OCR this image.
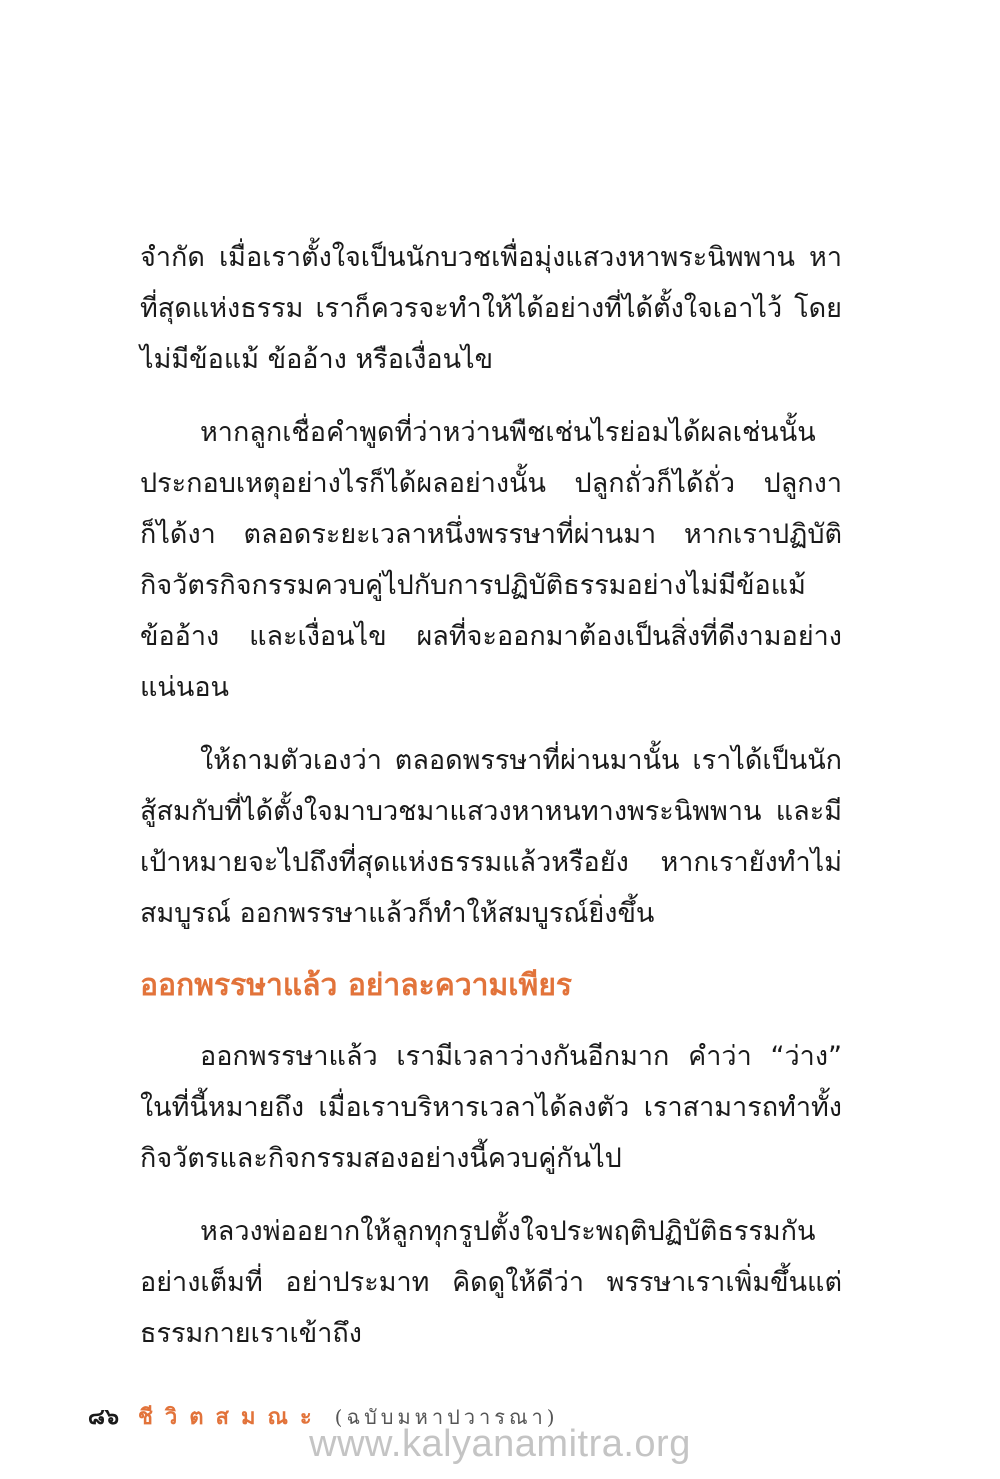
จำกัด เมื่อเราตั้งใจเป็นนักบวชเพื่อมุ่งแสวงหาพระนิพพาน หาที่สุดแห่งธรรม เราก็ควรจะทำให้ได้อย่างที่ได้ตั้งใจเอาไว้ โดยไม่มีข้อแม้ ข้ออ้าง หรือเงื่อนไข

หากลูกเชื่อคำพูดที่ว่าหว่านพืชเช่นไรย่อมได้ผลเช่นนั้น ประกอบเหตุอย่างไรก็ได้ผลอย่างนั้น ปลูกถั่วก็ได้ถั่ว ปลูกงาก็ได้งา ตลอดระยะเวลาหนึ่งพรรษาที่ผ่านมา หากเราปฏิบัติกิจวัตรกิจกรรมควบคู่ไปกับการปฏิบัติธรรมอย่างไม่มีข้อแม้ ข้ออ้าง และเงื่อนไข ผลที่จะออกมาต้องเป็นสิ่งที่ดีงามอย่างแน่นอน

ให้ถามตัวเองว่า ตลอดพรรษาที่ผ่านมานั้น เราได้เป็นนักสู้สมกับที่ได้ตั้งใจมาบวชมาแสวงหาหนทางพระนิพพาน และมีเป้าหมายจะไปถึงที่สุดแห่งธรรมแล้วหรือยัง หากเรายังทำไม่สมบูรณ์ ออกพรรษาแล้วก็ทำให้สมบูรณ์ยิ่งขึ้น

ออกพรรษาแล้ว อย่าละความเพียร

ออกพรรษาแล้ว เรามีเวลาว่างกันอีกมาก คำว่า “ว่าง” ในที่นี้หมายถึง เมื่อเราบริหารเวลาได้ลงตัว เราสามารถทำทั้งกิจวัตรและกิจกรรมสองอย่างนี้ควบคู่กันไป

หลวงพ่ออยากให้ลูกทุกรูปตั้งใจประพฤติปฏิบัติธรรมกันอย่างเต็มที่ อย่าประมาท คิดดูให้ดีว่า พรรษาเราเพิ่มขึ้นแต่ธรรมกายเราเข้าถึง

๘๖ ชีวิตสมณะ (ฉบับมหาปวารณา)
www.kalyanamitra.org
